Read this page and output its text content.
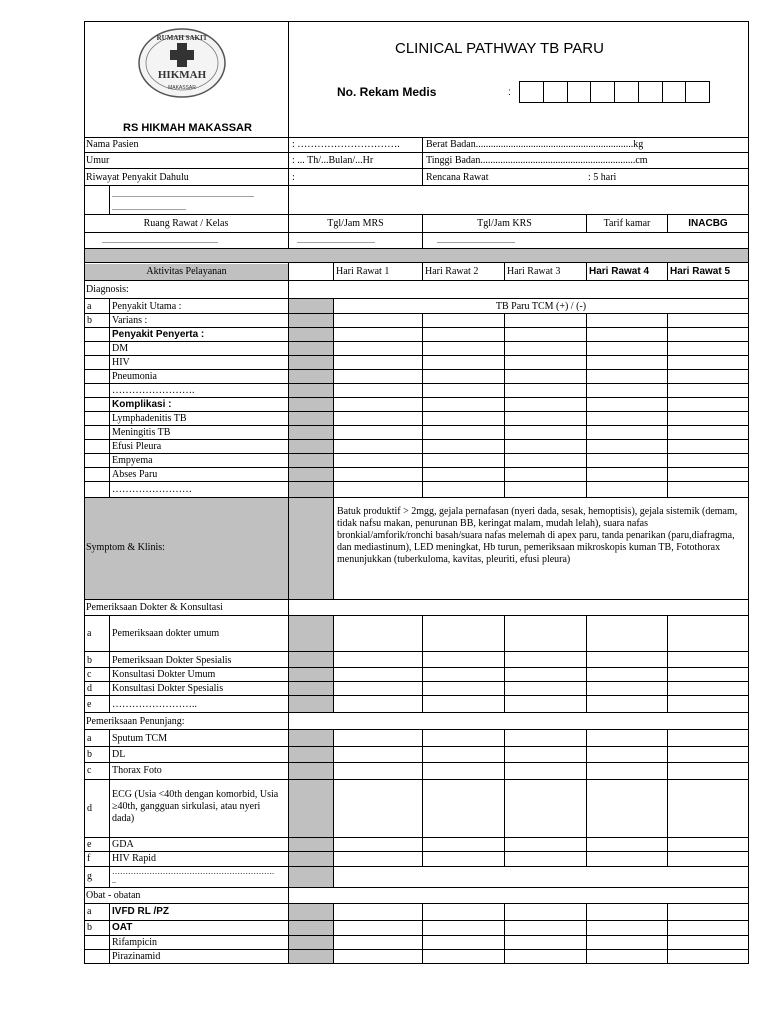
RUMAH SAKIT
HIKMAH
MAKASSAR
RS HIKMAH MAKASSAR
CLINICAL PATHWAY TB PARU
No. Rekam Medis	:
Nama Pasien	: ………………………….	Berat Badan...............................................................kg
Umur	: ... Th/...Bulan/...Hr	Tinggi Badan..............................................................cm
Riwayat Penyakit Dahulu	:	Rencana Rawat	: 5 hari
.......................................................................
.....................................
Ruang Rawat / Kelas	Tgl/Jam MRS	Tgl/Jam KRS	Tarif kamar	INACBG
..........................................................	.......................................	.......................................
Aktivitas Pelayanan	Hari Rawat 1	Hari Rawat 2	Hari Rawat 3	Hari Rawat 4 Hari Rawat 5
Diagnosis:
a Penyakit Utama :	TB Paru TCM (+) / (-)
b Varians :
Penyakit Penyerta :
DM
HIV
Pneumonia
…………………….
Komplikasi :
Lymphadenitis TB
Meningitis TB
Efusi Pleura
Empyema
Abses Paru
……………………
Symptom & Klinis:
Batuk produktif > 2mgg, gejala pernafasan (nyeri dada, sesak, hemoptisis), gejala sistemik (demam, tidak nafsu makan, penurunan BB, keringat malam, mudah lelah), suara nafas bronkial/amforik/ronchi basah/suara nafas melemah di apex paru, tanda penarikan (paru,diafragma, dan mediastinum), LED meningkat, Hb turun, pemeriksaan mikroskopis kuman TB, Fotothorax menunjukkan (tuberkuloma, kavitas, pleuriti, efusi pleura)
Pemeriksaan Dokter & Konsultasi
a Pemeriksaan dokter umum
b Pemeriksaan Dokter Spesialis
c Konsultasi Dokter Umum
d Konsultasi Dokter Spesialis
e ……………………..
Pemeriksaan Penunjang:
a Sputum TCM
b DL
c Thorax Foto
d
ECG (Usia <40th dengan komorbid, Usia ≥40th, gangguan sirkulasi, atau nyeri dada)
e GDA
f HIV Rapid
g	…………………………………………………….
..
Obat - obatan
a IVFD RL /PZ
b OAT
Rifampicin
Pirazinamid
